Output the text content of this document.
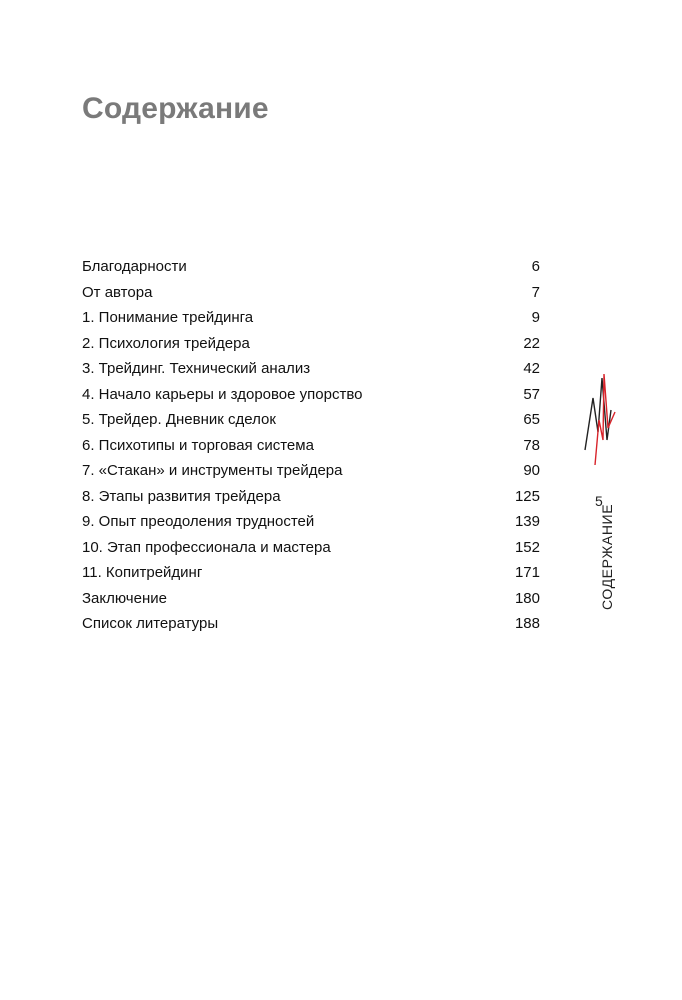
Содержание
Благодарности	6
От автора	7
1. Понимание трейдинга	9
2. Психология трейдера	22
3. Трейдинг. Технический анализ	42
4. Начало карьеры и здоровое упорство	57
5. Трейдер. Дневник сделок	65
6. Психотипы и торговая система	78
7. «Стакан» и инструменты трейдера	90
8. Этапы развития трейдера	125
9. Опыт преодоления трудностей	139
10. Этап профессионала и мастера	152
11. Копитрейдинг	171
Заключение	180
Список литературы	188
5
СОДЕРЖАНИЕ
